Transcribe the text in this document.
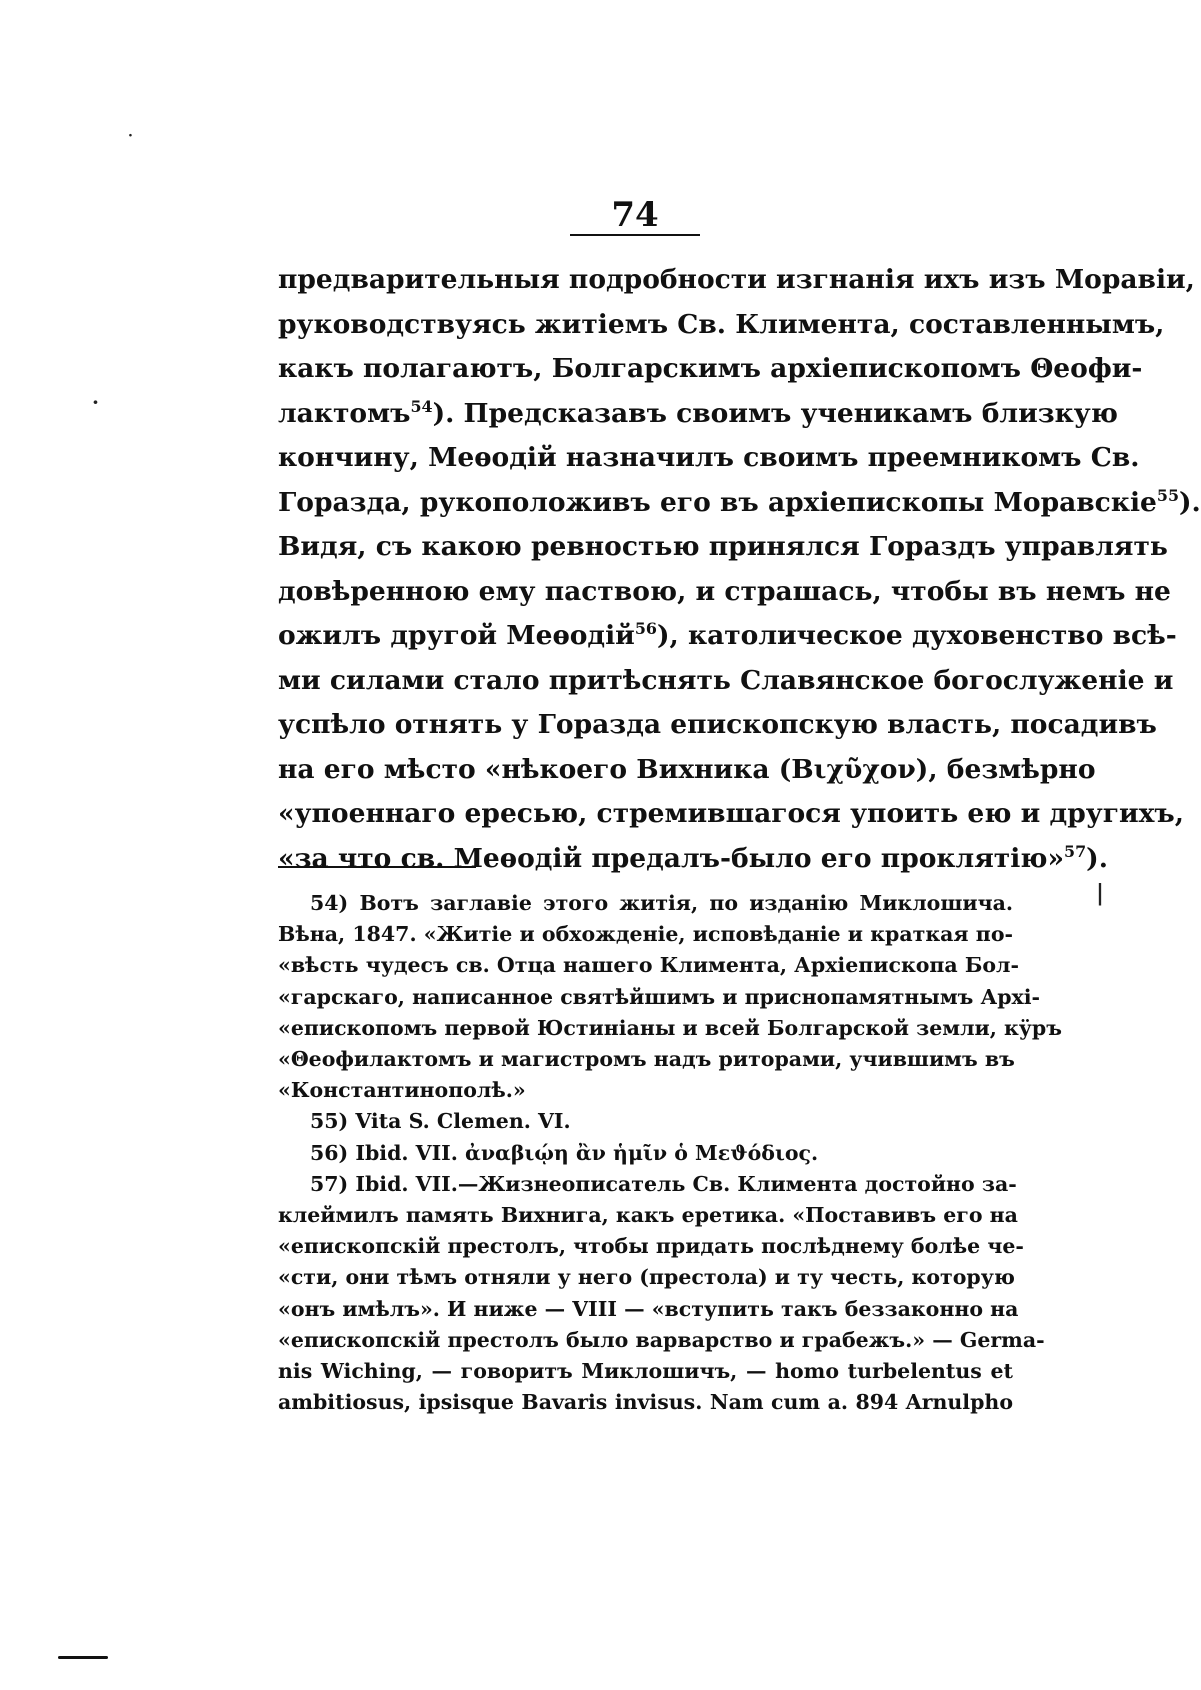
74
предварительныя подробности изгнанія ихъ изъ Моравіи,
руководствуясь житіемъ Св. Климента, составленнымъ,
какъ полагаютъ, Болгарскимъ архіепископомъ Θеофи-
лактомъ$^{54}$). Предсказавъ своимъ ученикамъ близкую
кончину, Меѳодій назначилъ своимъ преемникомъ Св.
Горазда, рукоположивъ его въ архіепископы Моравскіе$^{55}$).
Видя, съ какою ревностью принялся Гораздъ управлять
довѣренною ему паствою, и страшась, чтобы въ немъ не
ожилъ другой Меѳодій$^{56}$), католическое духовенство всѣ-
ми силами стало притѣснять Славянское богослуженіе и
успѣло отнять у Горазда епископскую власть, посадивъ
на его мѣсто «нѣкоего Вихника (Βιχῦχον), безмѣрно
«упоеннаго ересью, стремившагося упоить ею и другихъ,
«за что св. Меѳодій предалъ-было его проклятію»$^{57}$).
54) Вотъ заглавіе этого житія, по изданію Миклошича.
Вѣна, 1847. «Житіе и обхожденіе, исповѣданіе и краткая по-
«вѣсть чудесъ св. Отца нашего Климента, Архіепископа Бол-
«гарскаго, написанное святѣйшимъ и приснопамятнымъ Архі-
«епископомъ первой Юстиніаны и всей Болгарской земли, кӱръ
«Θеофилактомъ и магистромъ надъ риторами, учившимъ въ
«Константинополѣ.»
55) Vita S. Clemen. VI.
56) Ibid. VII. ἀναβιῴη ἂν ἡμῖν ὁ Μεϑόδιος.
57) Ibid. VII.—Жизнеописатель Св. Климента достойно за-
клеймилъ память Вихнига, какъ еретика. «Поставивъ его на
«епископскій престолъ, чтобы придать послѣднему болѣе че-
«сти, они тѣмъ отняли у него (престола) и ту честь, которую
«онъ имѣлъ». И ниже — VIII — «вступить такъ беззаконно на
«епископскій престолъ было варварство и грабежъ.» — Germa-
nis Wiching, — говоритъ Миклошичъ, — homo turbelentus et
ambitiosus, ipsisque Bavaris invisus. Nam cum a. 894 Arnulpho
·
·
|
